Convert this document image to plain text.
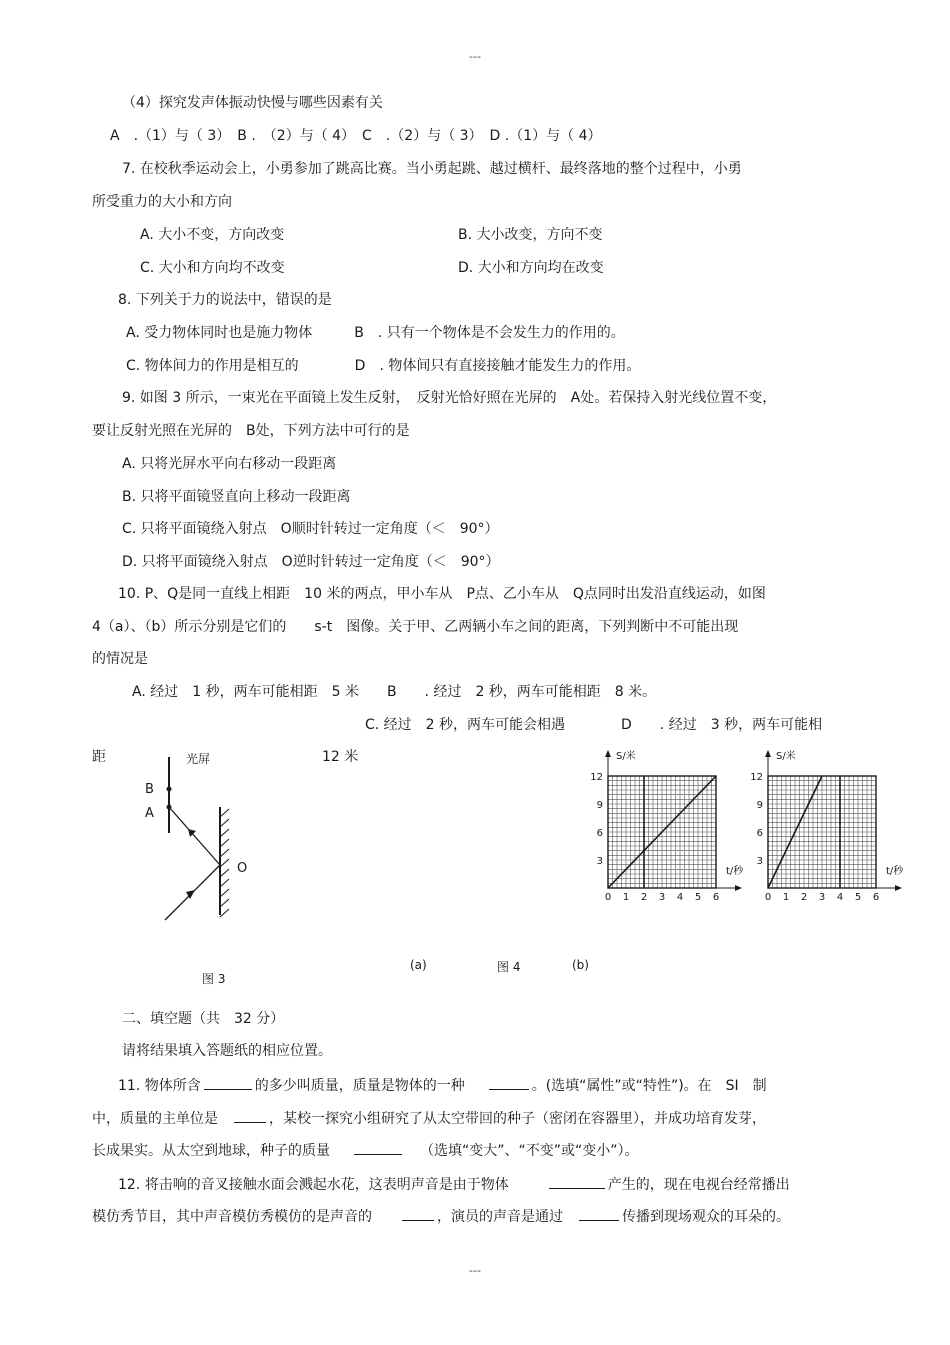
---
（4）探究发声体振动快慢与哪些因素有关
A　.（1）与（ 3）　B .　（2）与（ 4）　C　.（2）与（ 3）　D .（1）与（ 4）
7. 在校秋季运动会上，小勇参加了跳高比赛。当小勇起跳、越过横杆、最终落地的整个过程中，小勇
所受重力的大小和方向
A. 大小不变，方向改变	B. 大小改变，方向不变
C. 大小和方向均不改变	D. 大小和方向均在改变
8. 下列关于力的说法中，错误的是
A. 受力物体同时也是施力物体　　　B　. 只有一个物体是不会发生力的作用的。
C. 物体间力的作用是相互的　　　　D　. 物体间只有直接接触才能发生力的作用。
9. 如图 3 所示，一束光在平面镜上发生反射，　反射光恰好照在光屏的　A处。若保持入射光线位置不变，
要让反射光照在光屏的　B处，下列方法中可行的是
A. 只将光屏水平向右移动一段距离
B. 只将平面镜竖直向上移动一段距离
C. 只将平面镜绕入射点　O顺时针转过一定角度（＜　90°）
D. 只将平面镜绕入射点　O逆时针转过一定角度（＜　90°）
10. P、Q是同一直线上相距　10 米的两点，甲小车从　P点、乙小车从　Q点同时出发沿直线运动，如图
4（a）、（b）所示分别是它们的　　s-t　图像。关于甲、乙两辆小车之间的距离，下列判断中不可能出现
的情况是
A. 经过　1 秒，两车可能相距　5 米　　B　　. 经过　2 秒，两车可能相距　8 米。
C. 经过　2 秒，两车可能会相遇　　　　D　　. 经过　3 秒，两车可能相
距	12 米
光屏
B
A
O
图 3
0 1 2 3 4 5 6
3
6
9
12
S/米
t/秒
0 1 2 3 4 5 6
3
6
9
12
S/米
t/秒
(a)	图 4	(b)
二、填空题（共　32 分）
请将结果填入答题纸的相应位置。
11. 物体所含	的多少叫质量，质量是物体的一种	。(选填“属性”或“特性”)。在　SI　制
中，质量的主单位是	，某校一探究小组研究了从太空带回的种子（密闭在容器里），并成功培育发芽，
长成果实。从太空到地球，种子的质量	（选填“变大”、“不变”或“变小”）。
12. 将击响的音叉接触水面会溅起水花，这表明声音是由于物体	产生的，现在电视台经常播出
模仿秀节目，其中声音模仿秀模仿的是声音的	，演员的声音是通过	传播到现场观众的耳朵的。
---
